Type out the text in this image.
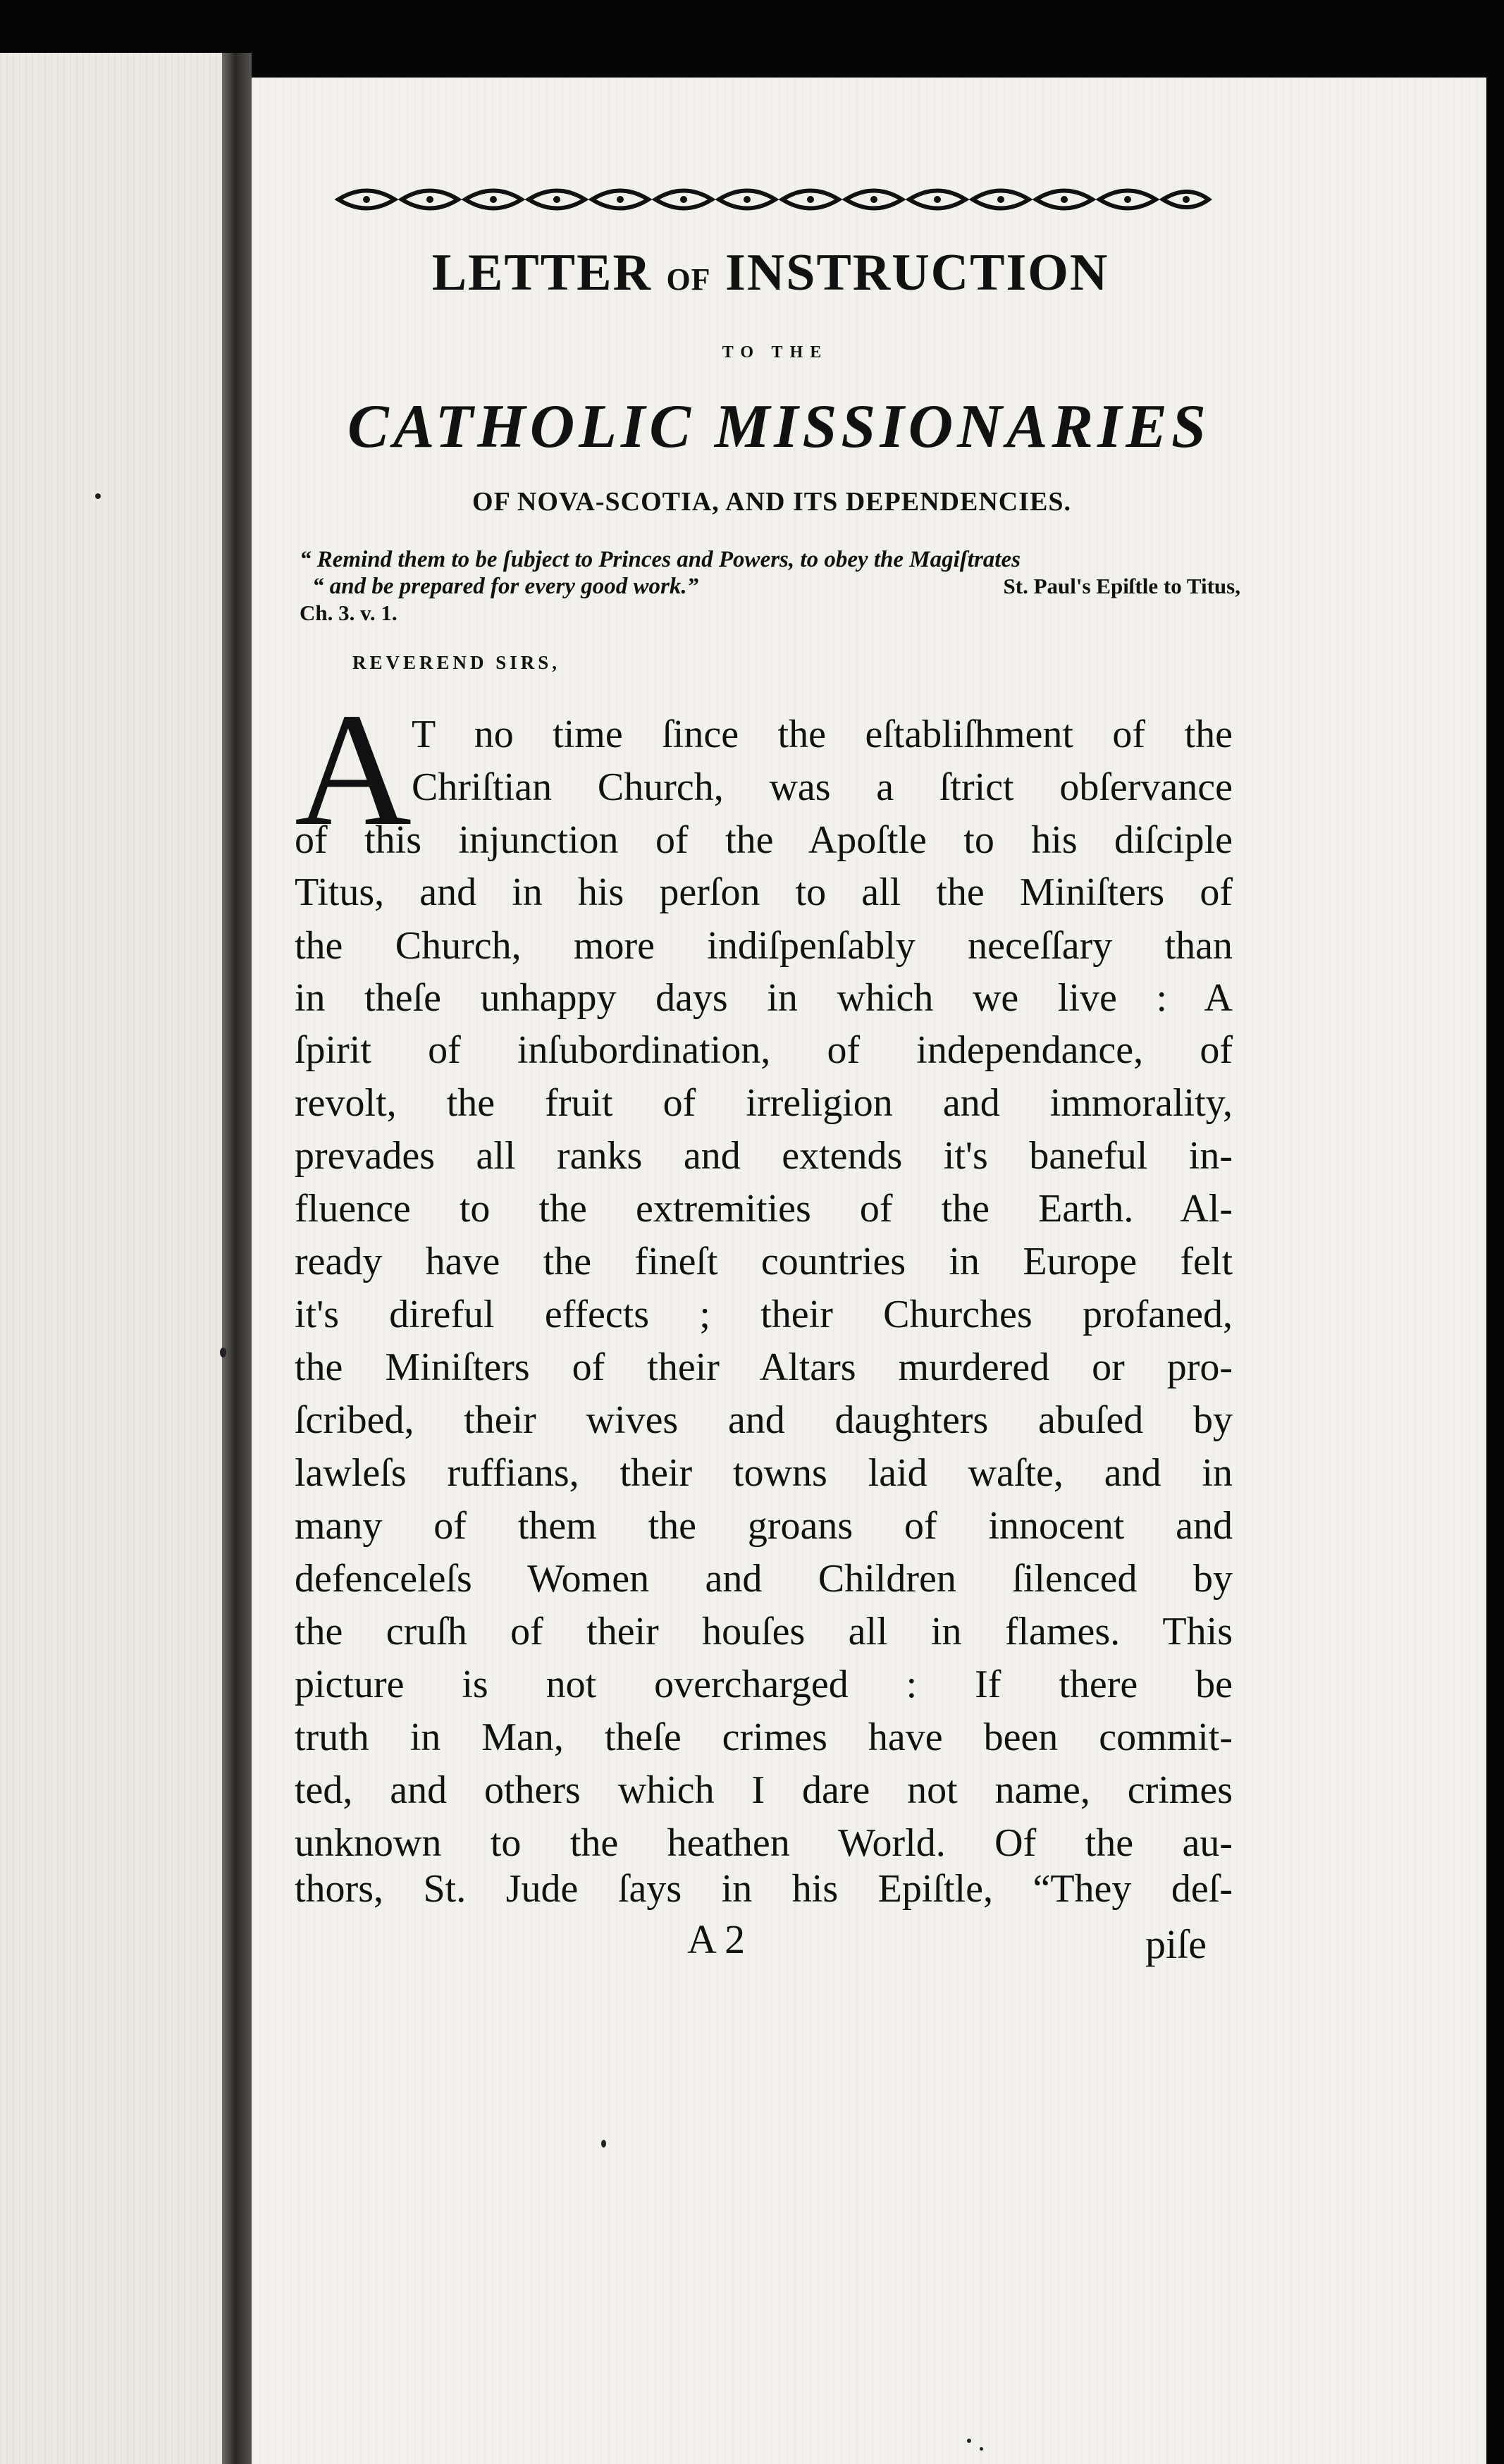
LETTER OF INSTRUCTION
TO THE
CATHOLIC MISSIONARIES
OF NOVA-SCOTIA, AND ITS DEPENDENCIES.
“ Remind them to be ſubject to Princes and Powers, to obey the Magiſtrates
“ and be prepared for every good work.”	St. Paul's Epiſtle to Titus,
Ch. 3. v. 1.
REVEREND SIRS,
A T no time ſince the eſtabliſhment of the
Chriſtian Church, was a ſtrict obſervance
of this injunction of the Apoſtle to his diſciple
Titus, and in his perſon to all the Miniſters of
the Church, more indiſpenſably neceſſary than
in theſe unhappy days in which we live : A
ſpirit of inſubordination, of independance, of
revolt, the fruit of irreligion and immorality,
prevades all ranks and extends it's baneful in-
fluence to the extremities of the Earth. Al-
ready have the fineſt countries in Europe felt
it's direful effects ; their Churches profaned,
the Miniſters of their Altars murdered or pro-
ſcribed, their wives and daughters abuſed by
lawleſs ruffians, their towns laid waſte, and in
many of them the groans of innocent and
defenceleſs Women and Children ſilenced by
the cruſh of their houſes all in flames. This
picture is not overcharged : If there be
truth in Man, theſe crimes have been commit-
ted, and others which I dare not name, crimes
unknown to the heathen World. Of the au-
thors, St. Jude ſays in his Epiſtle, “They deſ-
A 2	piſe
